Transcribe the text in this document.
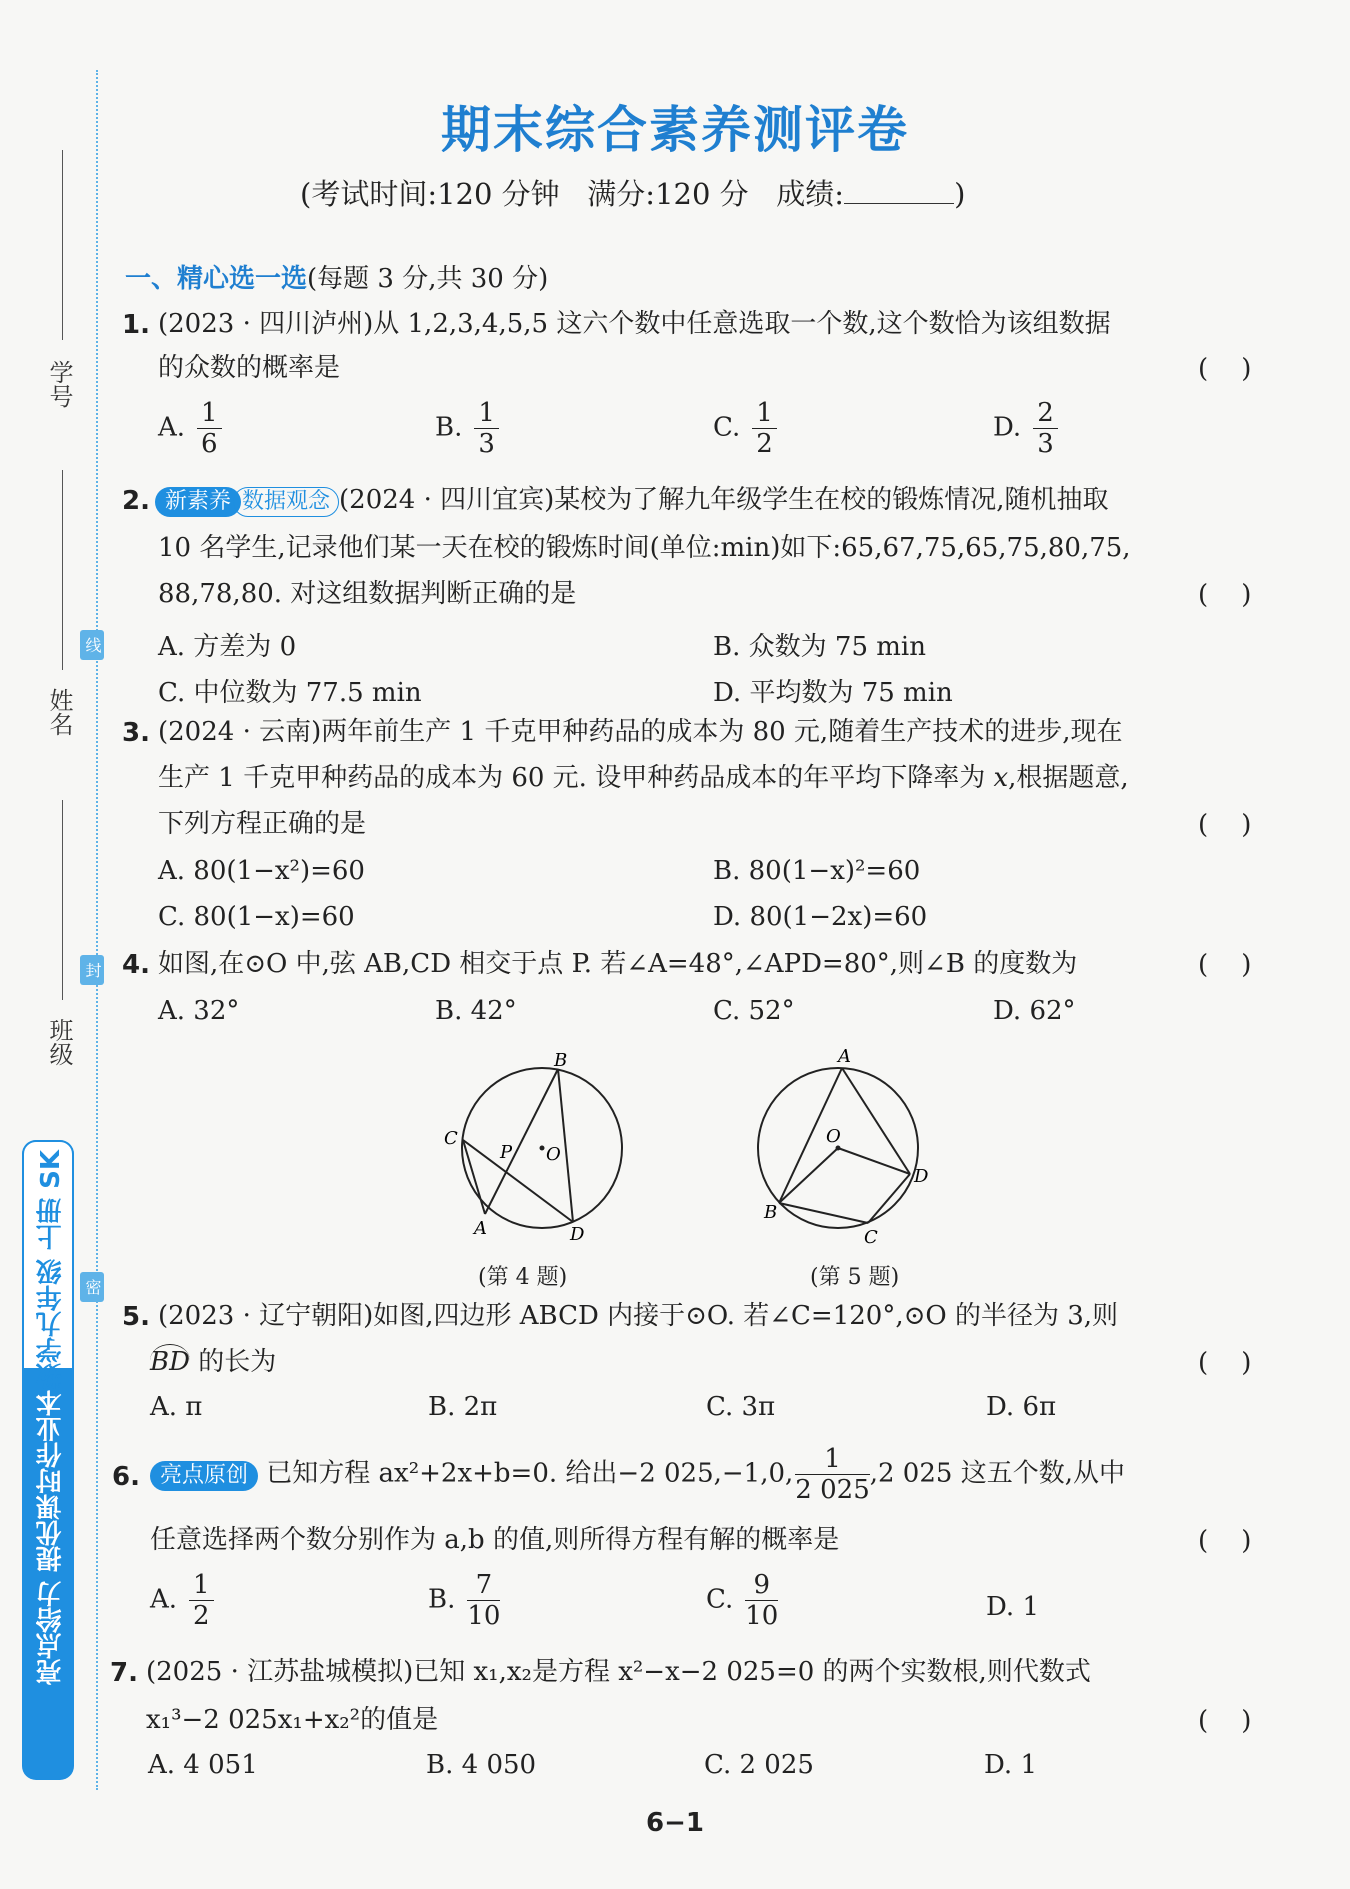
学号
姓名
班级
线
封
密
数学九年级 上册 SK
亮点给力 提优课时作业本
期末综合素养测评卷
(考试时间:120 分钟   满分:120 分   成绩:	)
一、精心选一选(每题 3 分,共 30 分)
1. (2023 · 四川泸州)从 1,2,3,4,5,5 这六个数中任意选取一个数,这个数恰为该组数据
的众数的概率是	(    )
A. $\frac{1}{6}$	B. $\frac{1}{3}$	C. $\frac{1}{2}$	D. $\frac{2}{3}$
2. 新素养 数据观念 (2024 · 四川宜宾)某校为了解九年级学生在校的锻炼情况,随机抽取
10 名学生,记录他们某一天在校的锻炼时间(单位:min)如下:65,67,75,65,75,80,75,
88,78,80. 对这组数据判断正确的是	(    )
A. 方差为 0	B. 众数为 75 min
C. 中位数为 77.5 min	D. 平均数为 75 min
3. (2024 · 云南)两年前生产 1 千克甲种药品的成本为 80 元,随着生产技术的进步,现在
生产 1 千克甲种药品的成本为 60 元. 设甲种药品成本的年平均下降率为 x,根据题意,
下列方程正确的是	(    )
A. 80(1−x²)=60	B. 80(1−x)²=60
C. 80(1−x)=60	D. 80(1−2x)=60
4. 如图,在⊙O 中,弦 AB,CD 相交于点 P. 若∠A=48°,∠APD=80°,则∠B 的度数为	(    )
A. 32°	B. 42°	C. 52°	D. 62°
B
C
P O
A	D
A
O
D
B
C
(第 4 题)	(第 5 题)
5. (2023 · 辽宁朝阳)如图,四边形 ABCD 内接于⊙O. 若∠C=120°,⊙O 的半径为 3,则
BD 的长为	(    )
A. π	B. 2π	C. 3π	D. 6π
6. 亮点原创 已知方程 ax²+2x+b=0. 给出−2 025,−1,0, $\frac{1}{2 025} ,2$ 025 这五个数,从中
任意选择两个数分别作为 a,b 的值,则所得方程有解的概率是	(    )
A. $\frac{1}{2}$	B. $\frac{7}{10}$	C. $\frac{9}{10}$	D. 1
7. (2025 · 江苏盐城模拟)已知 x₁,x₂是方程 x²−x−2 025=0 的两个实数根,则代数式
x₁³−2 025x₁+x₂²的值是	(    )
A. 4 051	B. 4 050	C. 2 025	D. 1
6−1
